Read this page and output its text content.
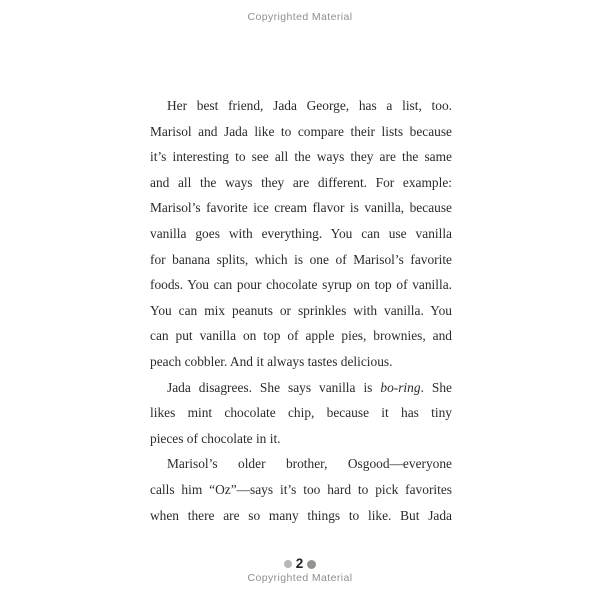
Copyrighted Material
Her best friend, Jada George, has a list, too.
Marisol and Jada like to compare their lists because
it’s interesting to see all the ways they are the same
and all the ways they are different. For example:
Marisol’s favorite ice cream flavor is vanilla, because
vanilla goes with everything. You can use vanilla
for banana splits, which is one of Marisol’s favorite
foods. You can pour chocolate syrup on top of vanilla.
You can mix peanuts or sprinkles with vanilla. You
can put vanilla on top of apple pies, brownies, and
peach cobbler. And it always tastes delicious.
Jada disagrees. She says vanilla is bo-ring. She
likes mint chocolate chip, because it has tiny
pieces of chocolate in it.
Marisol’s older brother, Osgood—everyone
calls him “Oz”—says it’s too hard to pick favorites
when there are so many things to like. But Jada
2
Copyrighted Material
